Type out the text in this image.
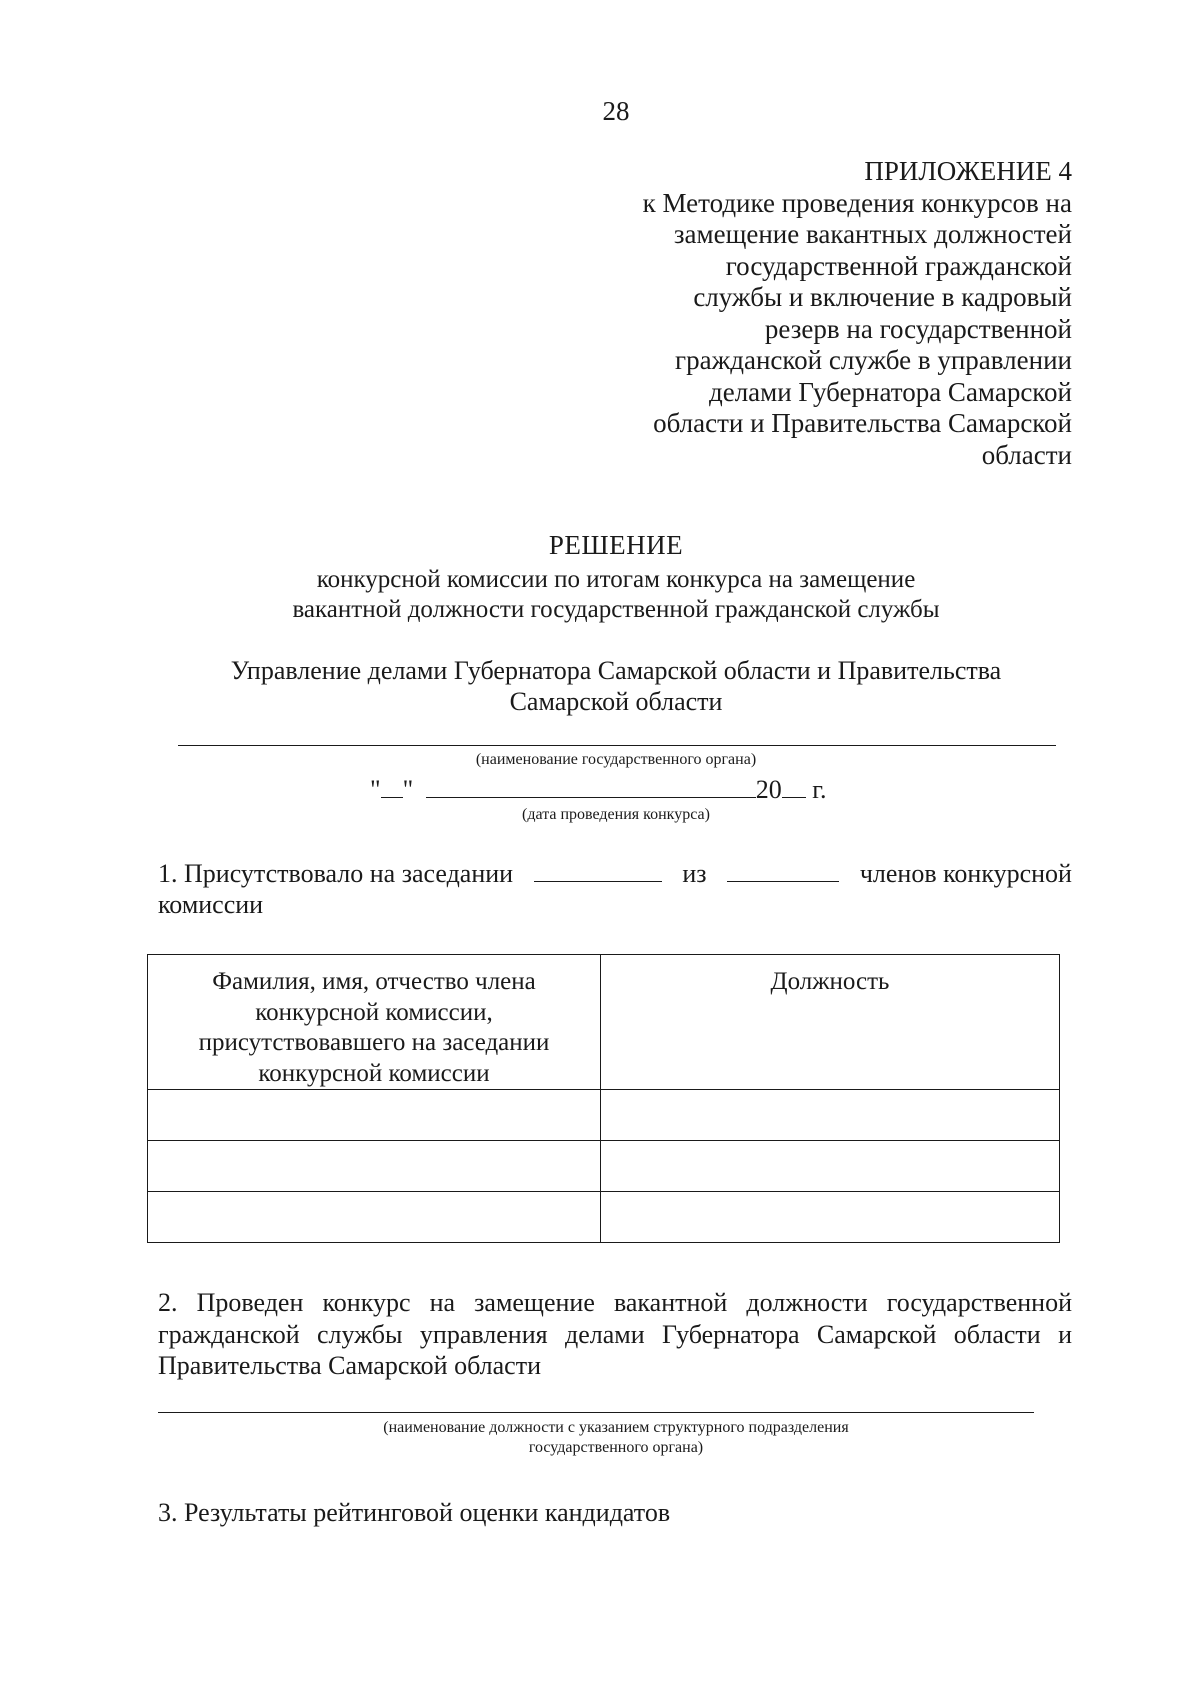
28
ПРИЛОЖЕНИЕ 4
к Методике проведения конкурсов на
замещение вакантных должностей
государственной гражданской
службы и включение в кадровый
резерв на государственной
гражданской службе в управлении
делами Губернатора Самарской
области и Правительства Самарской
области
РЕШЕНИЕ
конкурсной комиссии по итогам конкурса на замещение
вакантной должности государственной гражданской службы
Управление делами Губернатора Самарской области и Правительства
Самарской области
(наименование государственного органа)
" "	20 г.
(дата проведения конкурса)
1. Присутствовало на заседании	из	членов конкурсной
комиссии
Фамилия, имя, отчество члена
конкурсной комиссии,
присутствовавшего на заседании
конкурсной комиссии	Должность

2. Проведен конкурс на замещение вакантной должности государственной
гражданской службы управления делами Губернатора Самарской области и
Правительства Самарской области
(наименование должности с указанием структурного подразделения
государственного органа)
3. Результаты рейтинговой оценки кандидатов
